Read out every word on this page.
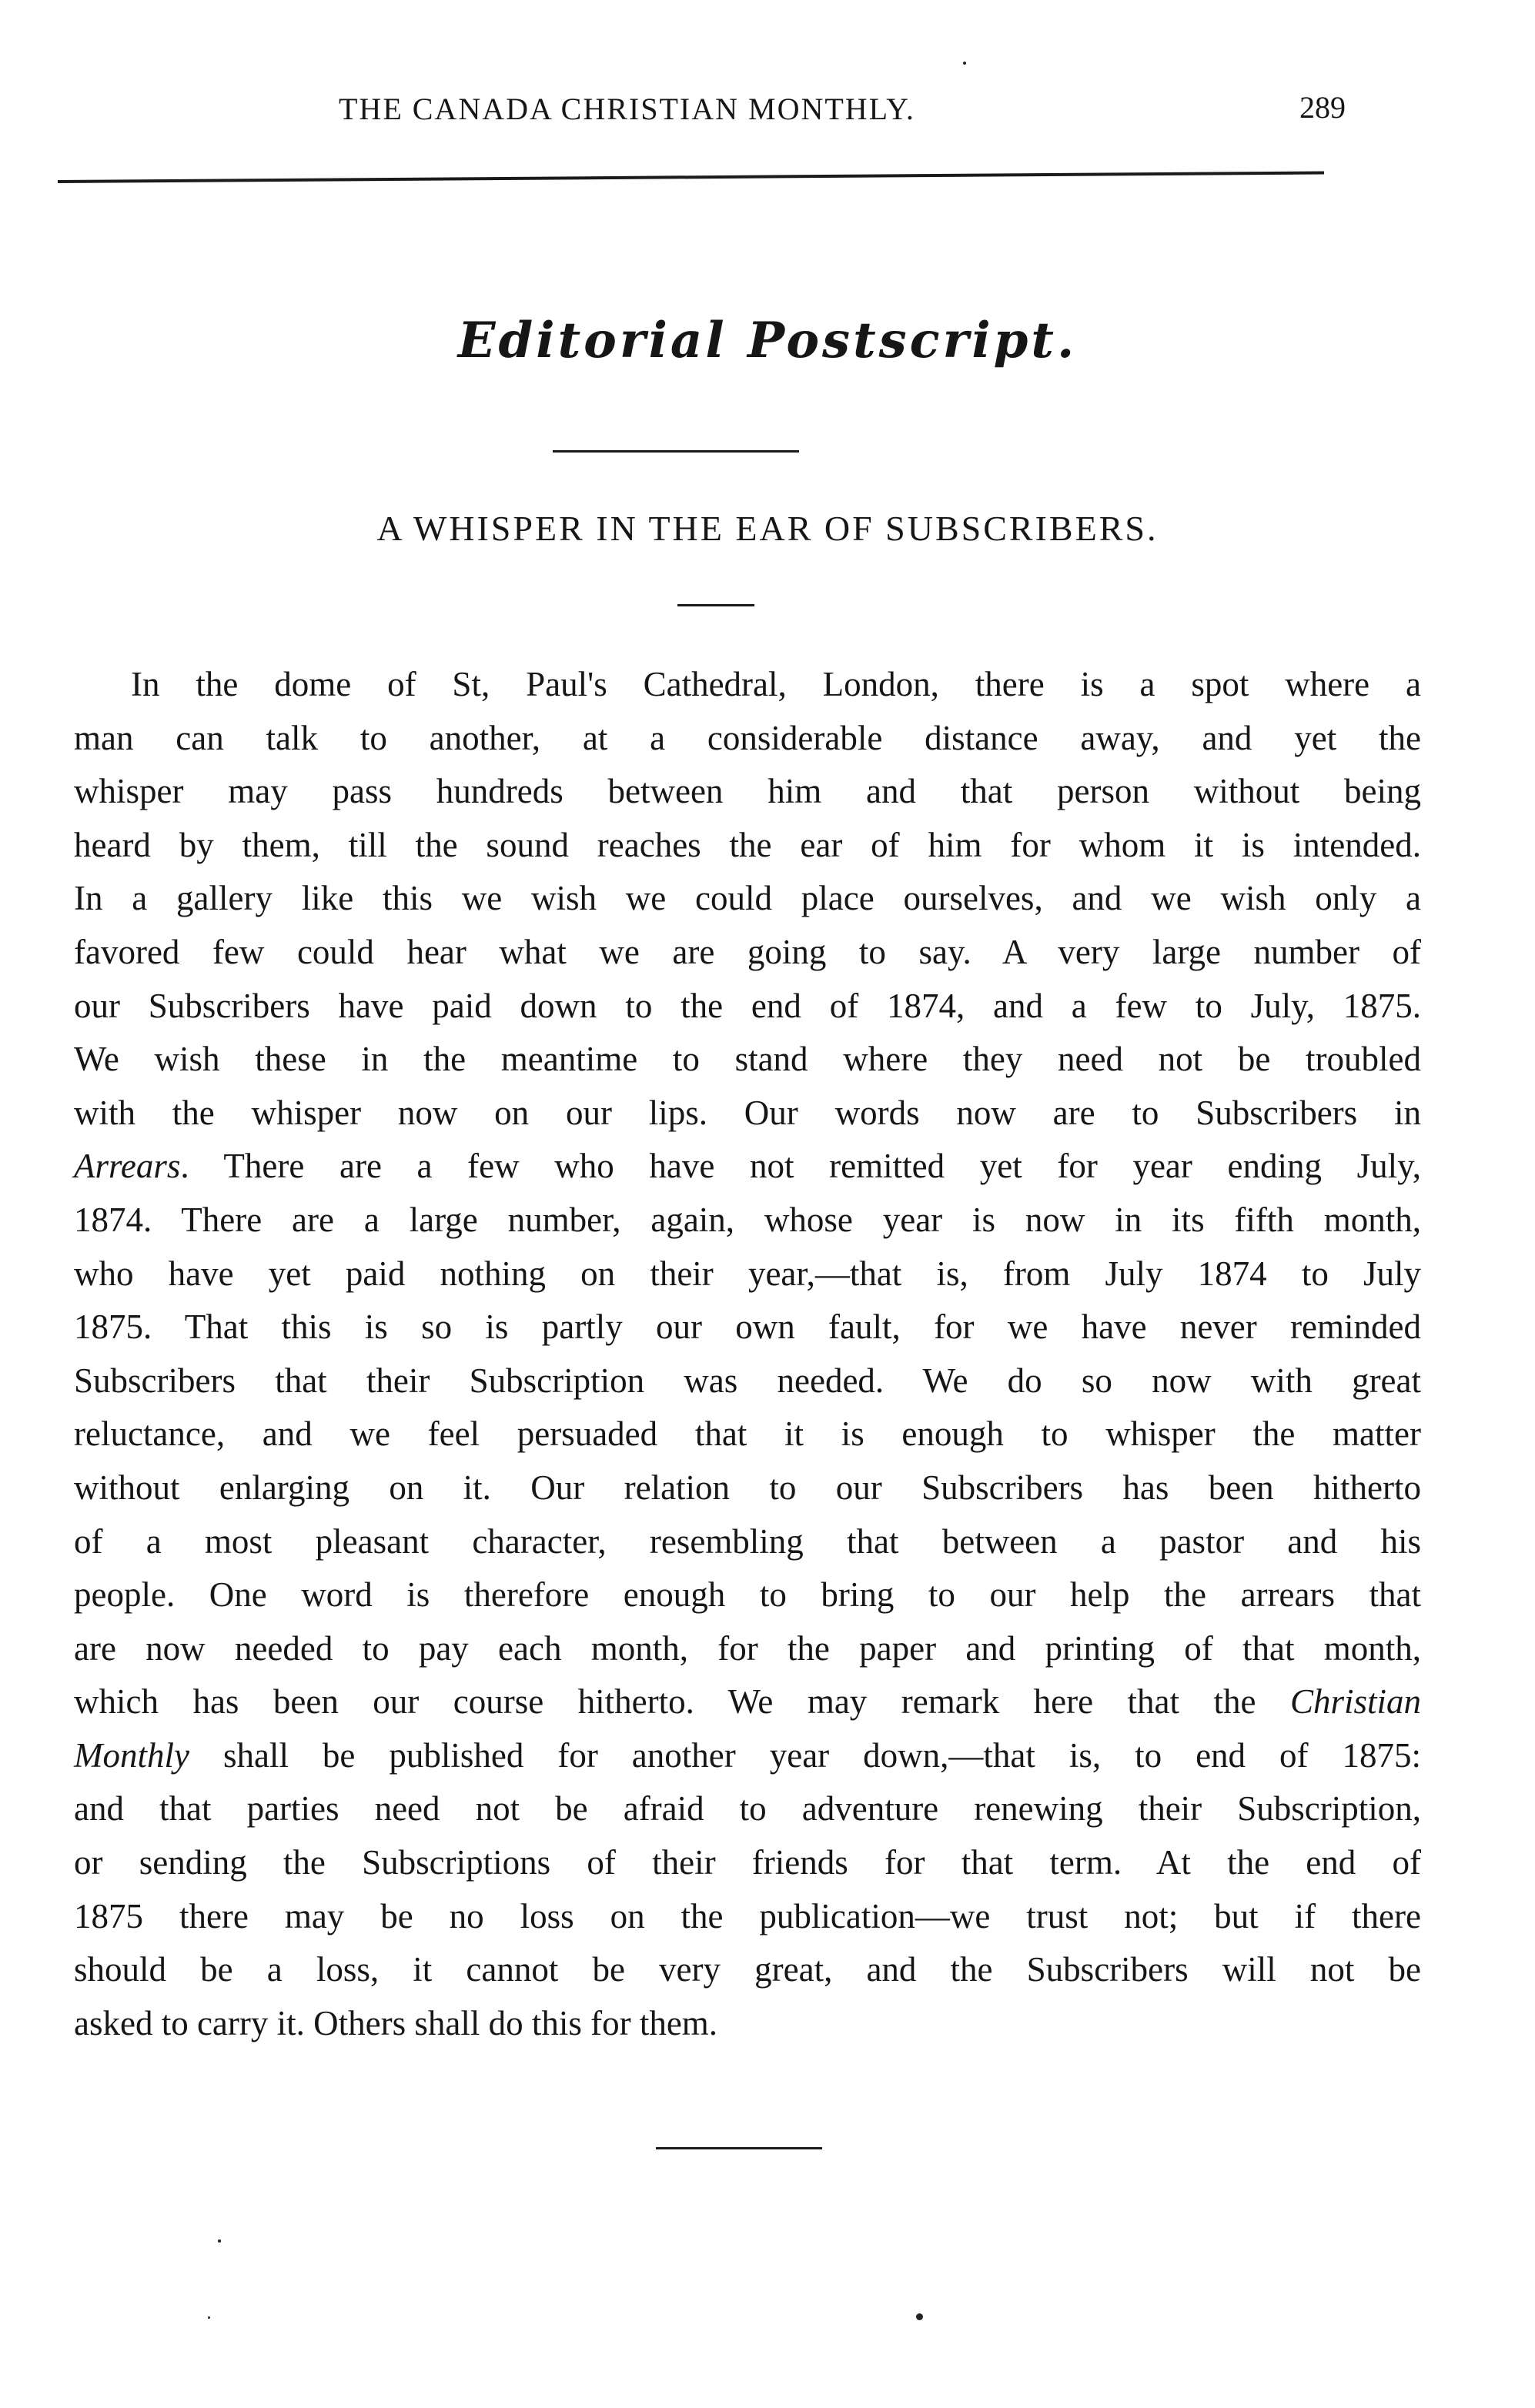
THE CANADA CHRISTIAN MONTHLY.	289
Editorial Postscript.
A WHISPER IN THE EAR OF SUBSCRIBERS.
In the dome of St, Paul's Cathedral, London, there is a spot where a
man can talk to another, at a considerable distance away, and yet the
whisper may pass hundreds between him and that person without being
heard by them, till the sound reaches the ear of him for whom it is intended.
In a gallery like this we wish we could place ourselves, and we wish only a
favored few could hear what we are going to say. A very large number of
our Subscribers have paid down to the end of 1874, and a few to July, 1875.
We wish these in the meantime to stand where they need not be troubled
with the whisper now on our lips. Our words now are to Subscribers in
Arrears. There are a few who have not remitted yet for year ending July,
1874. There are a large number, again, whose year is now in its fifth month,
who have yet paid nothing on their year,—that is, from July 1874 to July
1875. That this is so is partly our own fault, for we have never reminded
Subscribers that their Subscription was needed. We do so now with great
reluctance, and we feel persuaded that it is enough to whisper the matter
without enlarging on it. Our relation to our Subscribers has been hitherto
of a most pleasant character, resembling that between a pastor and his
people. One word is therefore enough to bring to our help the arrears that
are now needed to pay each month, for the paper and printing of that month,
which has been our course hitherto. We may remark here that the Christian
Monthly shall be published for another year down,—that is, to end of 1875:
and that parties need not be afraid to adventure renewing their Subscription,
or sending the Subscriptions of their friends for that term. At the end of
1875 there may be no loss on the publication—we trust not; but if there
should be a loss, it cannot be very great, and the Subscribers will not be
asked to carry it. Others shall do this for them.
